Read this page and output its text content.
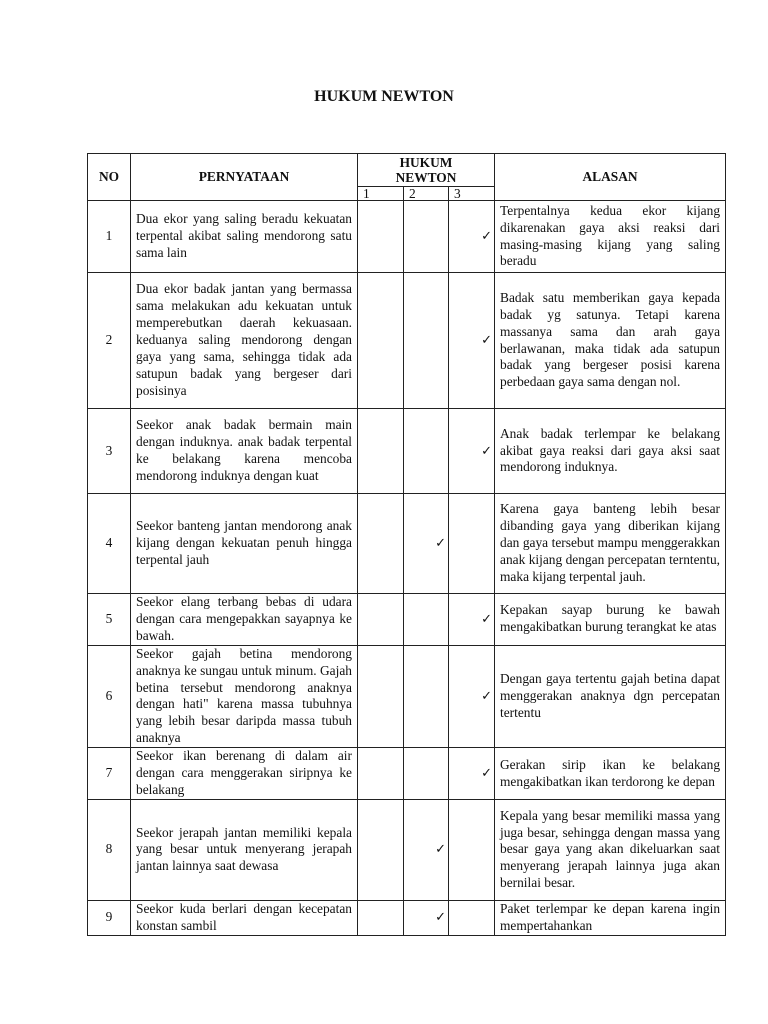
HUKUM NEWTON
NO	PERNYATAAN	HUKUM
NEWTON			ALASAN
		1	2	3	
1	Dua ekor yang saling beradu kekuatan terpental akibat saling mendorong satu sama lain			✓	Terpentalnya kedua ekor kijang dikarenakan gaya aksi reaksi dari masing-masing kijang yang saling beradu
2	Dua ekor badak jantan yang bermassa sama melakukan adu kekuatan untuk memperebutkan daerah kekuasaan. keduanya saling mendorong dengan gaya yang sama, sehingga tidak ada satupun badak yang bergeser dari posisinya			✓	Badak satu memberikan gaya kepada badak yg satunya. Tetapi karena massanya sama dan arah gaya berlawanan, maka tidak ada satupun badak yang bergeser posisi karena perbedaan gaya sama dengan nol.
3	Seekor anak badak bermain main dengan induknya. anak badak terpental ke belakang karena mencoba mendorong induknya dengan kuat			✓	Anak badak terlempar ke belakang akibat gaya reaksi dari gaya aksi saat mendorong induknya.
4	Seekor banteng jantan mendorong anak kijang dengan kekuatan penuh hingga terpental jauh		✓		Karena gaya banteng lebih besar dibanding gaya yang diberikan kijang dan gaya tersebut mampu menggerakkan anak kijang dengan percepatan terntentu, maka kijang terpental jauh.
5	Seekor elang terbang bebas di udara dengan cara mengepakkan sayapnya ke bawah.			✓	Kepakan sayap burung ke bawah mengakibatkan burung terangkat ke atas
6	Seekor gajah betina mendorong anaknya ke sungau untuk minum. Gajah betina tersebut mendorong anaknya dengan hati" karena massa tubuhnya yang lebih besar daripda massa tubuh anaknya			✓	Dengan gaya tertentu gajah betina dapat menggerakan anaknya dgn percepatan tertentu
7	Seekor ikan berenang di dalam air dengan cara menggerakan siripnya ke belakang			✓	Gerakan sirip ikan ke belakang mengakibatkan ikan terdorong ke depan
8	Seekor jerapah jantan memiliki kepala yang besar untuk menyerang jerapah jantan lainnya saat dewasa		✓		Kepala yang besar memiliki massa yang juga besar, sehingga dengan massa yang besar gaya yang akan dikeluarkan saat menyerang jerapah lainnya juga akan bernilai besar.
9	Seekor kuda berlari dengan kecepatan konstan sambil		✓		Paket terlempar ke depan karena ingin mempertahankan
